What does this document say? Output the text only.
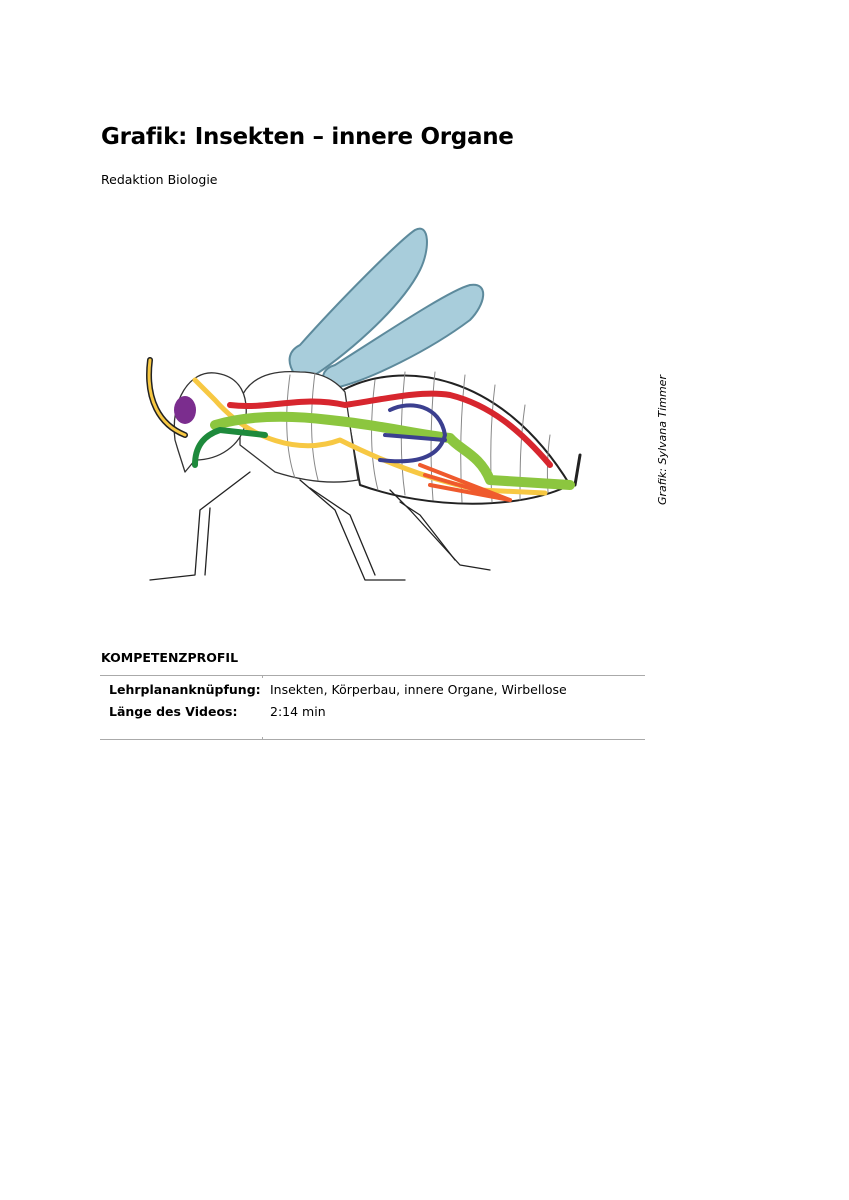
Grafik: Insekten – innere Organe
Redaktion Biologie
Grafik: Sylvana Timmer
KOMPETENZPROFIL
Lehrplananknüpfung: Insekten, Körperbau, innere Organe, Wirbellose
Länge des Videos:	2:14 min
